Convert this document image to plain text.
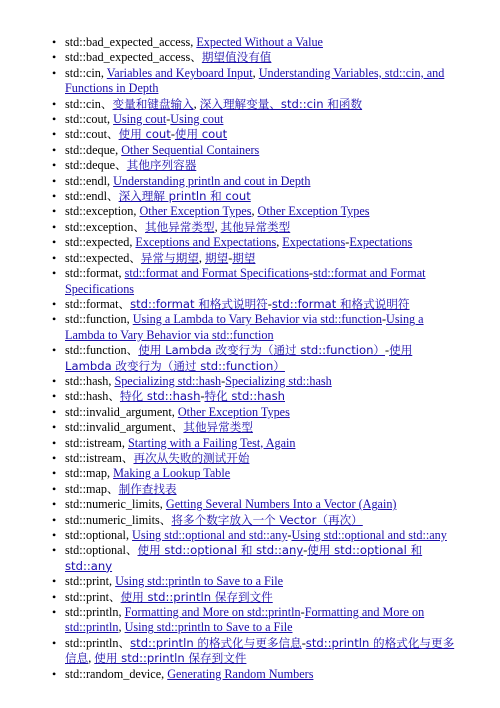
• std::bad_expected_access, Expected Without a Value
• std::bad_expected_access、期望值没有值
• std::cin, Variables and Keyboard Input, Understanding Variables, std::cin, and Functions in Depth
• std::cin、变量和键盘输入, 深入理解变量、std::cin 和函数
• std::cout, Using cout-Using cout
• std::cout、使用 cout-使用 cout
• std::deque, Other Sequential Containers
• std::deque、其他序列容器
• std::endl, Understanding println and cout in Depth
• std::endl、深入理解 println 和 cout
• std::exception, Other Exception Types, Other Exception Types
• std::exception、其他异常类型, 其他异常类型
• std::expected, Exceptions and Expectations, Expectations-Expectations
• std::expected、异常与期望, 期望-期望
• std::format, std::format and Format Specifications-std::format and Format Specifications
• std::format、std::format 和格式说明符-std::format 和格式说明符
• std::function, Using a Lambda to Vary Behavior via std::function-Using a Lambda to Vary Behavior via std::function
• std::function、使用 Lambda 改变行为（通过 std::function）-使用 Lambda 改变行为（通过 std::function）
• std::hash, Specializing std::hash-Specializing std::hash
• std::hash、特化 std::hash-特化 std::hash
• std::invalid_argument, Other Exception Types
• std::invalid_argument、其他异常类型
• std::istream, Starting with a Failing Test, Again
• std::istream、再次从失败的测试开始
• std::map, Making a Lookup Table
• std::map、制作查找表
• std::numeric_limits, Getting Several Numbers Into a Vector (Again)
• std::numeric_limits、将多个数字放入一个 Vector（再次）
• std::optional, Using std::optional and std::any-Using std::optional and std::any
• std::optional、使用 std::optional 和 std::any-使用 std::optional 和 std::any
• std::print, Using std::println to Save to a File
• std::print、使用 std::println 保存到文件
• std::println, Formatting and More on std::println-Formatting and More on std::println, Using std::println to Save to a File
• std::println、std::println 的格式化与更多信息-std::println 的格式化与更多信息, 使用 std::println 保存到文件
• std::random_device, Generating Random Numbers
